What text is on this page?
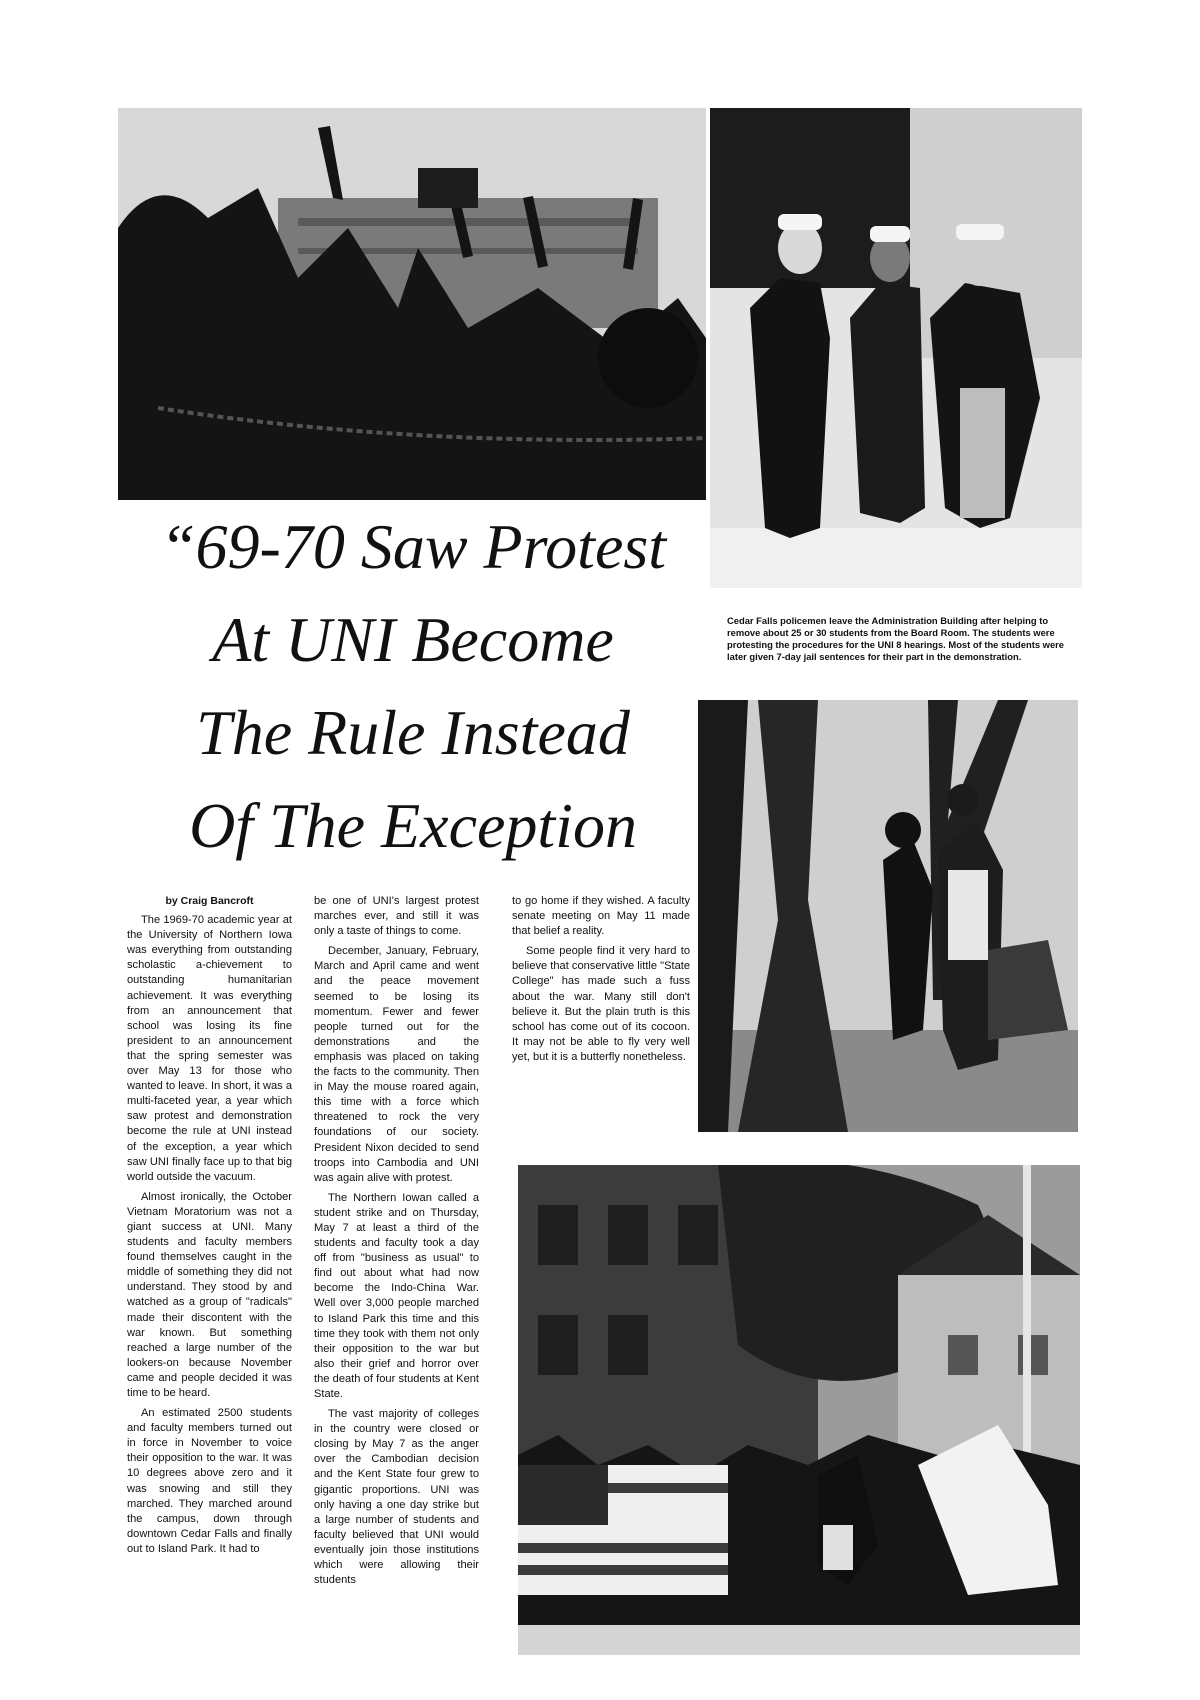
“69-70 Saw Protest
At UNI Become
The Rule Instead
Of The Exception

Cedar Falls policemen leave the Administration Building after helping to remove about 25 or 30 students from the Board Room. The students were protesting the procedures for the UNI 8 hearings. Most of the students were later given 7-day jail sentences for their part in the demonstration.

by Craig Bancroft

The 1969-70 academic year at the University of Northern Iowa was everything from outstanding scholastic a-chievement to outstanding humanitarian achievement. It was everything from an announcement that school was losing its fine president to an announcement that the spring semester was over May 13 for those who wanted to leave. In short, it was a multi-faceted year, a year which saw protest and demonstration become the rule at UNI instead of the exception, a year which saw UNI finally face up to that big world outside the vacuum.

Almost ironically, the October Vietnam Moratorium was not a giant success at UNI. Many students and faculty members found themselves caught in the middle of something they did not understand. They stood by and watched as a group of "radicals" made their discontent with the war known. But something reached a large number of the lookers-on because November came and people decided it was time to be heard.

An estimated 2500 students and faculty members turned out in force in November to voice their opposition to the war. It was 10 degrees above zero and it was snowing and still they marched. They marched around the campus, down through downtown Cedar Falls and finally out to Island Park. It had to

be one of UNI's largest protest marches ever, and still it was only a taste of things to come.

December, January, February, March and April came and went and the peace movement seemed to be losing its momentum. Fewer and fewer people turned out for the demonstrations and the emphasis was placed on taking the facts to the community. Then in May the mouse roared again, this time with a force which threatened to rock the very foundations of our society. President Nixon decided to send troops into Cambodia and UNI was again alive with protest.

The Northern Iowan called a student strike and on Thursday, May 7 at least a third of the students and faculty took a day off from "business as usual" to find out about what had now become the Indo-China War. Well over 3,000 people marched to Island Park this time and this time they took with them not only their opposition to the war but also their grief and horror over the death of four students at Kent State.

The vast majority of colleges in the country were closed or closing by May 7 as the anger over the Cambodian decision and the Kent State four grew to gigantic proportions. UNI was only having a one day strike but a large number of students and faculty believed that UNI would eventually join those institutions which were allowing their students

to go home if they wished. A faculty senate meeting on May 11 made that belief a reality.

Some people find it very hard to believe that conservative little "State College" has made such a fuss about the war. Many still don't believe it. But the plain truth is this school has come out of its cocoon. It may not be able to fly very well yet, but it is a butterfly nonetheless.
